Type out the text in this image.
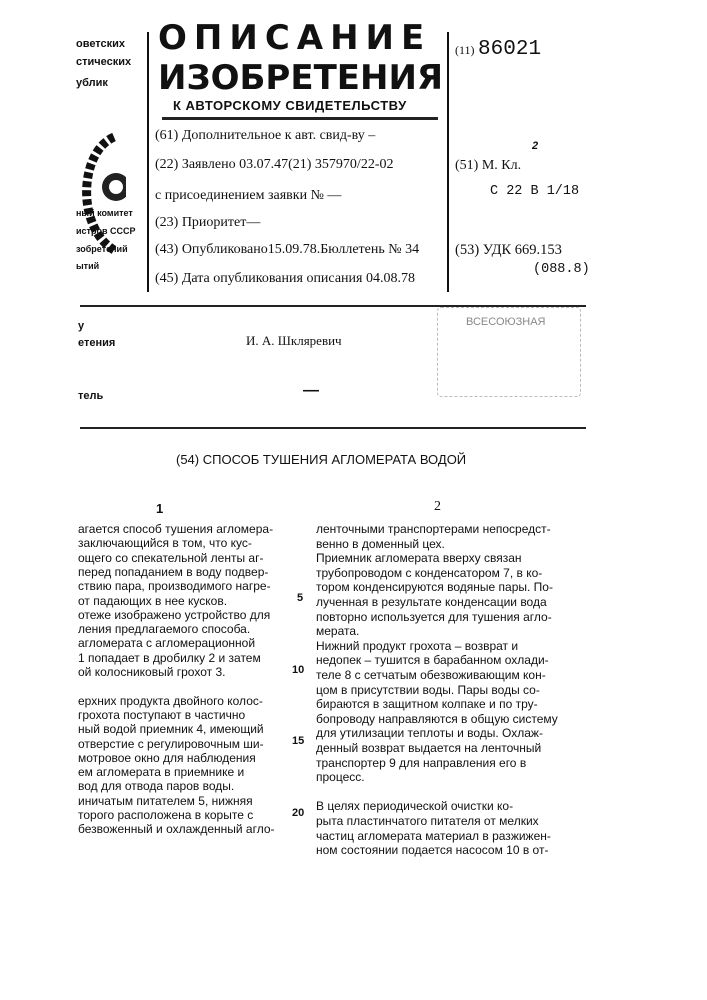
оветских
стических
ублик
ный комитет
истров СССР
зобретений
ытий
ОПИСАНИЕ
ИЗОБРЕТЕНИЯ
К АВТОРСКОМУ СВИДЕТЕЛЬСТВУ
(11) 86021
(61) Дополнительное к авт. свид-ву –
(22) Заявлено 03.07.47(21) 357970/22-02
с присоединением заявки № —
(23) Приоритет—
(43) Опубликовано15.09.78.Бюллетень № 34
(45) Дата опубликования описания 04.08.78
2
(51) М. Кл.
C 22 B 1/18
(53) УДК 669.153
(088.8)
у
етения	И. А. Шкляревич
тель	—
ВСЕСОЮЗНАЯ
(54) СПОСОБ ТУШЕНИЯ АГЛОМЕРАТА ВОДОЙ
1	2
агается способ тушения агломера-
заключающийся в том, что кус-
ощего со спекательной ленты аг-
перед попаданием в воду подвер-
ствию пара, производимого нагре-
от падающих в нее кусков.
отеже изображено устройство для
ления предлагаемого способа.
агломерата с агломерационной
1 попадает в дробилку 2 и затем
ой колосниковый грохот 3.
ерхних продукта двойного колос-
грохота поступают в частично
ный водой приемник 4, имеющий
отверстие с регулировочным ши-
мотровое окно для наблюдения
ем агломерата в приемнике и
вод для отвода паров воды.
иничатым питателем 5, нижняя
торого расположена в корыте с
безвоженный и охлажденный агло-
ленточными транспортерами непосредст-
венно в доменный цех.
Приемник агломерата вверху связан
трубопроводом с конденсатором 7, в ко-
тором конденсируются водяные пары. По-
лученная в результате конденсации вода
повторно используется для тушения агло-
мерата.
Нижний продукт грохота – возврат и
недопек – тушится в барабанном охлади-
теле 8 с сетчатым обезвоживающим кон-
цом в присутствии воды. Пары воды со-
бираются в защитном колпаке и по тру-
бопроводу направляются в общую систему
для утилизации теплоты и воды. Охлаж-
денный возврат выдается на ленточный
транспортер 9 для направления его в
процесс.
В целях периодической очистки ко-
рыта пластинчатого питателя от мелких
частиц агломерата материал в разжижен-
ном состоянии подается насосом 10 в от-
5
10
15
20
